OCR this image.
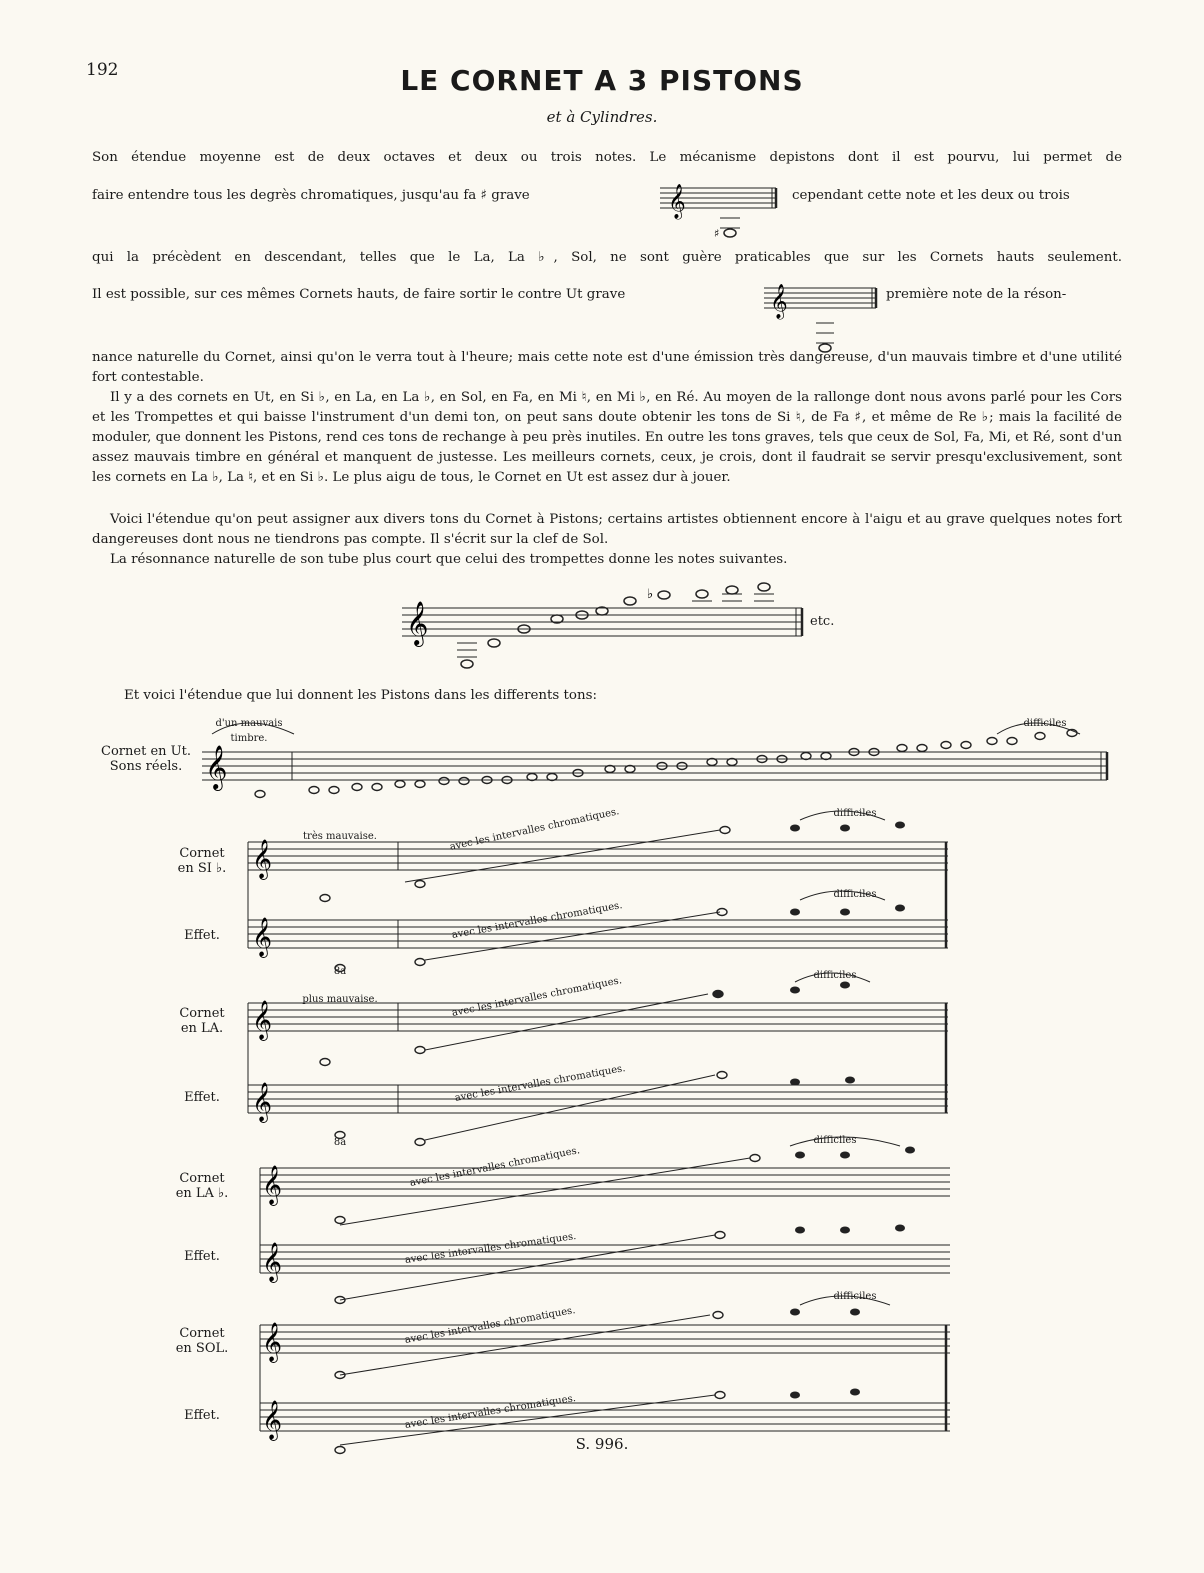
192	LE CORNET A 3 PISTONS
et à Cylindres.
Son étendue moyenne est de deux octaves et deux ou trois notes. Le mécanisme depistons dont il est pourvu, lui permet de
faire entendre tous les degrès chromatiques, jusqu'au fa ♯ grave	cependant cette note et les deux ou trois
𝄞
♯
qui la précèdent en descendant, telles que le La, La ♭, Sol, ne sont guère praticables que sur les Cornets hauts seulement.
Il est possible, sur ces mêmes Cornets hauts, de faire sortir le contre Ut grave	première note de la réson-
𝄞
nance naturelle du Cornet, ainsi qu'on le verra tout à l'heure; mais cette note est d'une émission très dangereuse, d'un mauvais timbre et d'une utilité fort contestable.
Il y a des cornets en Ut, en Si ♭, en La, en La ♭, en Sol, en Fa, en Mi ♮, en Mi ♭, en Ré. Au moyen de la rallonge dont nous avons parlé pour les Cors et les Trompettes et qui baisse l'instrument d'un demi ton, on peut sans doute obtenir les tons de Si ♮, de Fa ♯, et même de Re ♭; mais la facilité de moduler, que donnent les Pistons, rend ces tons de rechange à peu près inutiles. En outre les tons graves, tels que ceux de Sol, Fa, Mi, et Ré, sont d'un assez mauvais timbre en général et manquent de justesse. Les meilleurs cornets, ceux, je crois, dont il faudrait se servir presqu'exclusivement, sont les cornets en La ♭, La ♮, et en Si ♭. Le plus aigu de tous, le Cornet en Ut est assez dur à jouer.
Voici l'étendue qu'on peut assigner aux divers tons du Cornet à Pistons; certains artistes obtiennent encore à l'aigu et au grave quelques notes fort dangereuses dont nous ne tiendrons pas compte. Il s'écrit sur la clef de Sol.
La résonnance naturelle de son tube plus court que celui des trompettes donne les notes suivantes.
𝄞
♭
etc.
Et voici l'étendue que lui donnent les Pistons dans les differents tons:
Cornet en Ut.
Sons réels.
d'un mauvais
timbre.
difficiles
𝄞
Cornet
en SI ♭.
Effet.
très mauvaise.
8a
difficiles
difficiles
avec les intervalles chromatiques.
avec les intervalles chromatiques.
Cornet
en LA.
Effet.
plus mauvaise.
8a
difficiles
avec les intervalles chromatiques.
avec les intervalles chromatiques.
Cornet
en LA ♭.
Effet.
difficiles
avec les intervalles chromatiques.
avec les intervalles chromatiques.
Cornet
en SOL.
Effet.
difficiles
avec les intervalles chromatiques.
avec les intervalles chromatiques.
𝄞
𝄞
𝄞
𝄞
𝄞
𝄞
𝄞
𝄞
S. 996.
